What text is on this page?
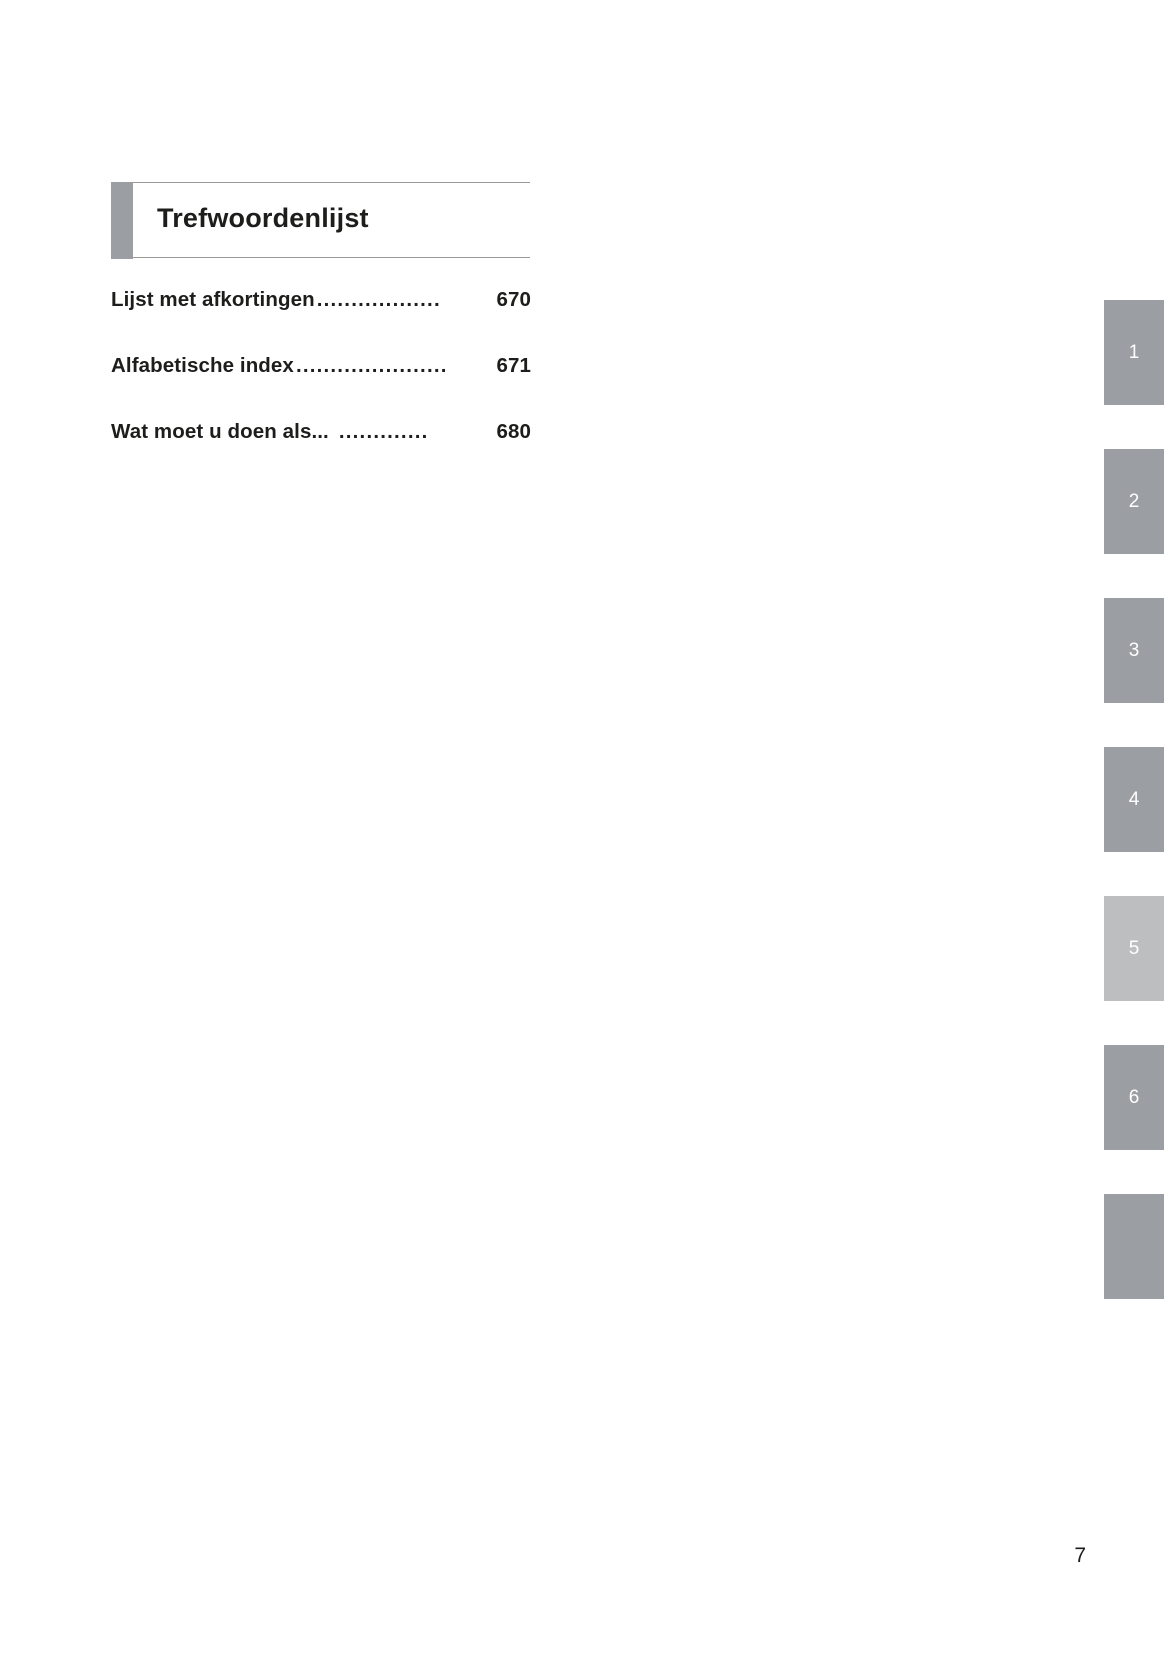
Trefwoordenlijst
Lijst met afkortingen ..................	670
Alfabetische index ......................	671
Wat moet u doen als... .............	680
1
2
3
4
5
6
7
